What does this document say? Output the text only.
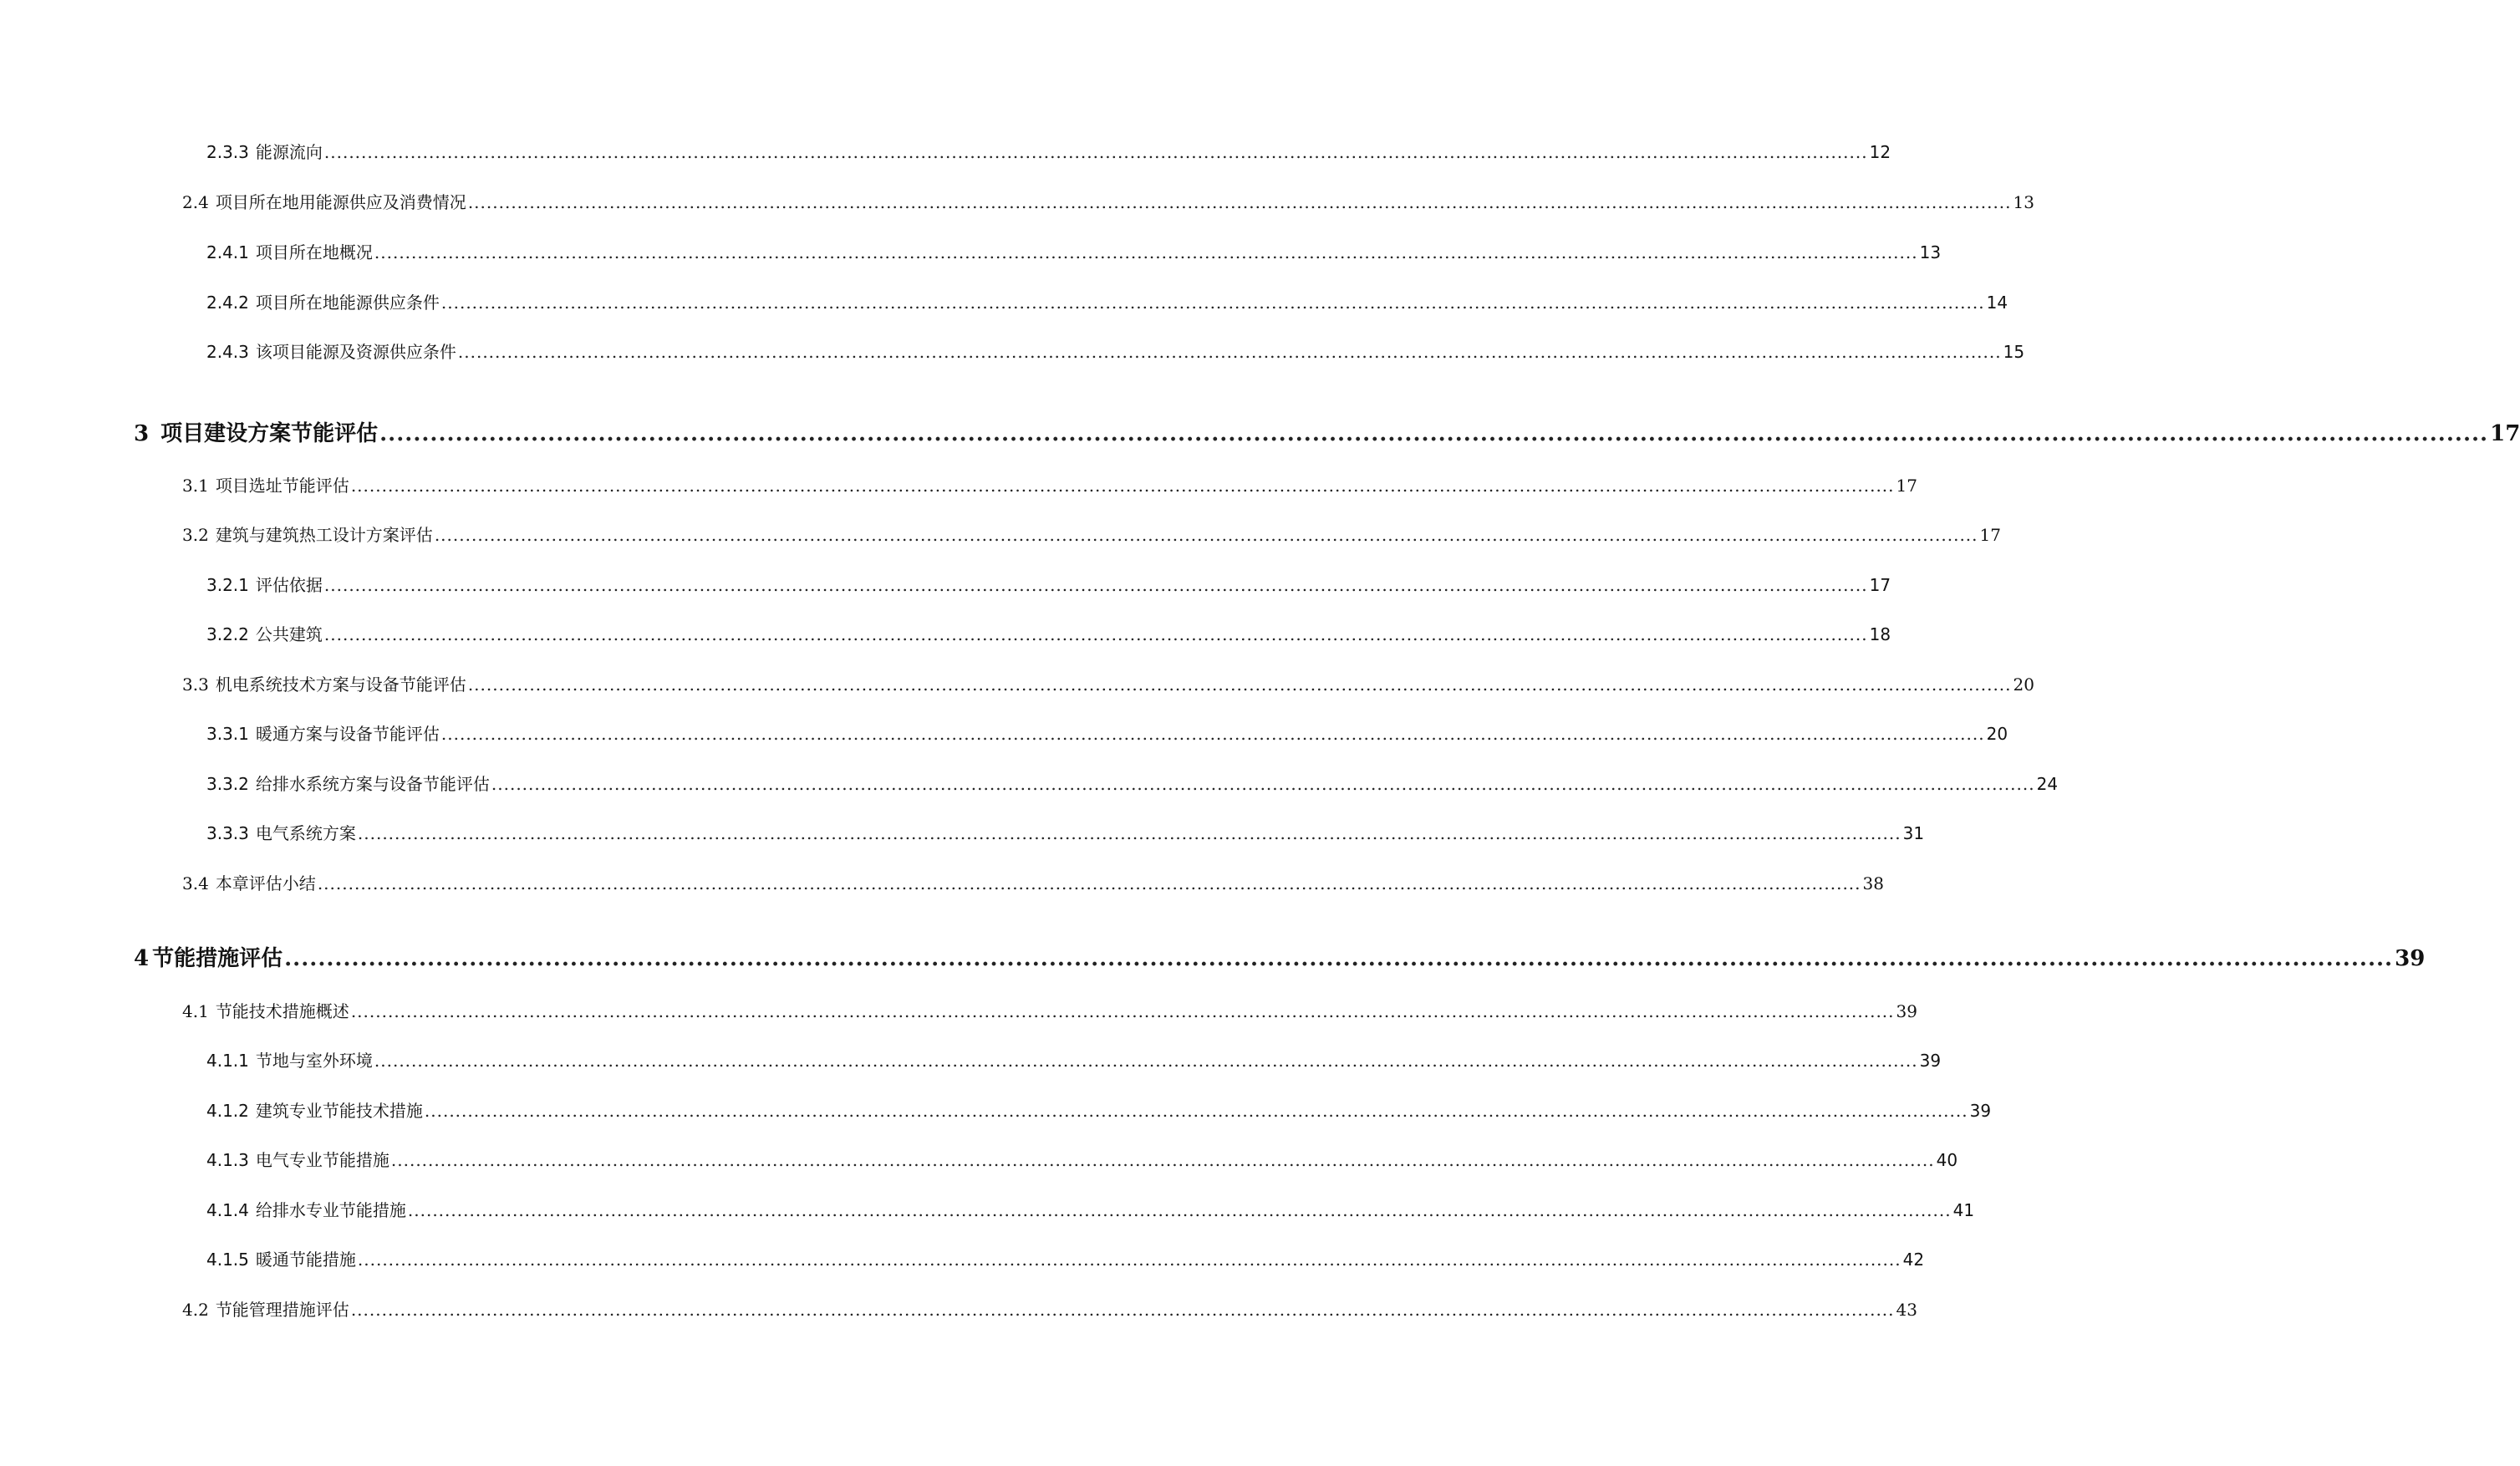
2.3.3 能源流向 ........................................................................................................................................................................................................................................................... 12
2.4 项目所在地用能源供应及消费情况 ........................................................................................................................................................................................................................................................... 13
2.4.1 项目所在地概况 ........................................................................................................................................................................................................................................................... 13
2.4.2 项目所在地能源供应条件 ........................................................................................................................................................................................................................................................... 14
2.4.3 该项目能源及资源供应条件 ........................................................................................................................................................................................................................................................... 15
3 项目建设方案节能评估 ........................................................................................................................................................................................................................................................... 17
3.1 项目选址节能评估 ........................................................................................................................................................................................................................................................... 17
3.2 建筑与建筑热工设计方案评估 ........................................................................................................................................................................................................................................................... 17
3.2.1 评估依据 ........................................................................................................................................................................................................................................................... 17
3.2.2 公共建筑 ........................................................................................................................................................................................................................................................... 18
3.3 机电系统技术方案与设备节能评估 ........................................................................................................................................................................................................................................................... 20
3.3.1 暖通方案与设备节能评估 ........................................................................................................................................................................................................................................................... 20
3.3.2 给排水系统方案与设备节能评估 ........................................................................................................................................................................................................................................................... 24
3.3.3 电气系统方案 ........................................................................................................................................................................................................................................................... 31
3.4 本章评估小结 ........................................................................................................................................................................................................................................................... 38
4 节能措施评估 ........................................................................................................................................................................................................................................................... 39
4.1 节能技术措施概述 ........................................................................................................................................................................................................................................................... 39
4.1.1 节地与室外环境 ........................................................................................................................................................................................................................................................... 39
4.1.2 建筑专业节能技术措施 ........................................................................................................................................................................................................................................................... 39
4.1.3 电气专业节能措施 ........................................................................................................................................................................................................................................................... 40
4.1.4 给排水专业节能措施 ........................................................................................................................................................................................................................................................... 41
4.1.5 暖通节能措施 ........................................................................................................................................................................................................................................................... 42
4.2 节能管理措施评估 ........................................................................................................................................................................................................................................................... 43
